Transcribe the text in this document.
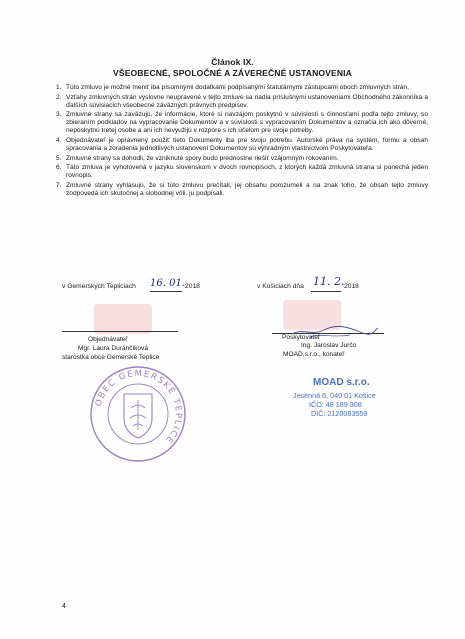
Článok IX.
VŠEOBECNÉ, SPOLOČNÉ A ZÁVEREČNÉ USTANOVENIA
1. Túto zmluvu je možné meniť iba písomnými dodatkami podpísanými štatutárnymi zástupcami oboch zmluvných strán.
2. Vzťahy zmluvných strán výslovne neupravené v tejto zmluve sa riadia príslušnými ustanoveniami Obchodného zákonníka a ďalších súvisiacich všeobecne záväzných právnych predpisov.
3. Zmluvné strany sa zaväzujú, že informácie, ktoré si navzájom poskytnú v súvislosti s činnosťami podľa tejto zmluvy, so zbieraním podkladov na vypracovanie Dokumentov a v súvislosti s vypracovaním Dokumentov a označia ich ako dôverné, neposkytnú tretej osobe a ani ich nevyužijú v rozpore s ich účelom pre svoje potreby.
4. Objednávateľ je oprávnený použiť tieto Dokumenty iba pre svoju potrebu. Autorské práva na systém, formu a obsah spracovania a zoradenia jednotlivých ustanovení Dokumentov sú výhradným vlastníctvom Poskytovateľa.
5. Zmluvné strany sa dohodli, že vzniknuté spory budú prednostne riešiť vzájomným rokovaním.
6. Táto zmluva je vyhotovená v jazyku slovenskom v dvoch rovnopisoch, z ktorých každá zmluvná strana si ponechá jeden rovnopis.
7. Zmluvné strany vyhlasujú, že si túto zmluvu prečítali, jej obsahu porozumeli a na znak toho, že obsah tejto zmluvy zodpovedá ich skutočnej a slobodnej vôli, ju podpísali.
v Gemerských Tepliciach 16. 01. 2018	v Košiciach dňa 11. 2. 2018
Objednávateľ
Mgr. Laura Duránčiková
starostka obce Gemerské Teplice
Poskytovateľ
Ing. Jaroslav Jurčo
MOAD,s.r.o., konateľ
OBEC GEMERSKÉ TEPLICE
MOAD s.r.o.
Jesenná 6, 040 01 Košice
IČO: 48 189 308
DIČ: 2120083559
4
